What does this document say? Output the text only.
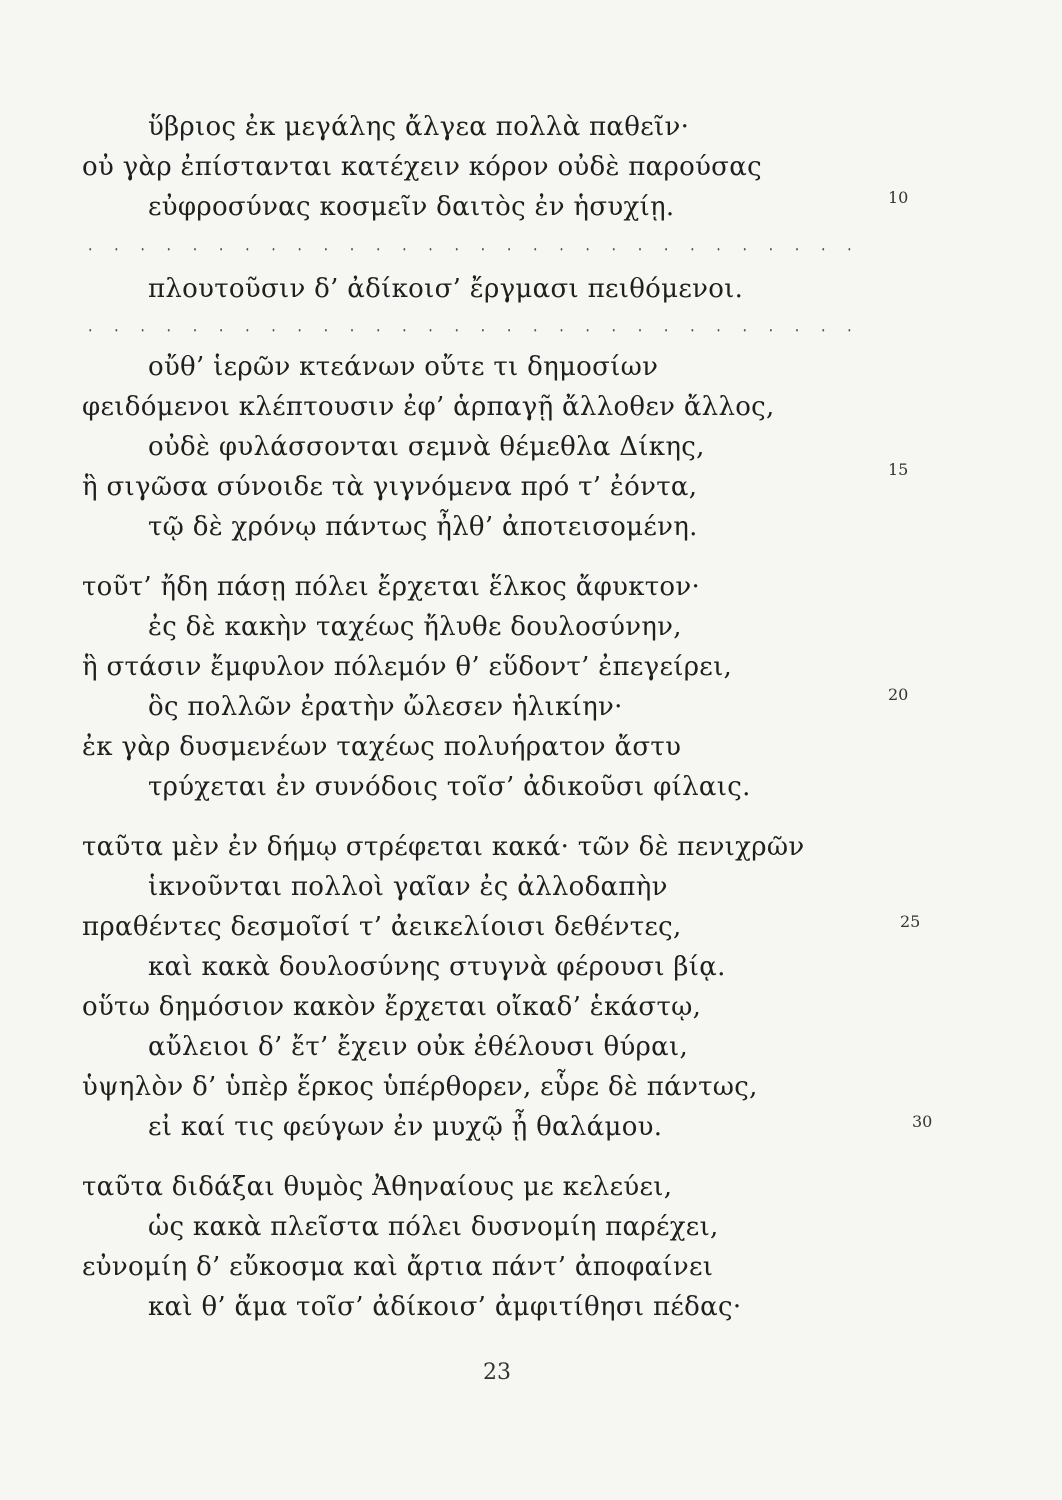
ὕβριος ἐκ μεγάλης ἄλγεα πολλὰ παθεῖν·
οὐ γὰρ ἐπίστανται κατέχειν κόρον οὐδὲ παρούσας
εὐφροσύνας κοσμεῖν δαιτὸς ἐν ἡσυχίῃ.
· · · · · · · · · · · · · · · · · · · · · · · · · · · · · ·
πλουτοῦσιν δ’ ἀδίκοισ’ ἔργμασι πειθόμενοι.
· · · · · · · · · · · · · · · · · · · · · · · · · · · · · ·
οὔθ’ ἱερῶν κτεάνων οὔτε τι δημοσίων
φειδόμενοι κλέπτουσιν ἐφ’ ἁρπαγῇ ἄλλοθεν ἄλλος,
οὐδὲ φυλάσσονται σεμνὰ θέμεθλα Δίκης,
ἣ σιγῶσα σύνοιδε τὰ γιγνόμενα πρό τ’ ἐόντα,
τῷ δὲ χρόνῳ πάντως ἦλθ’ ἀποτεισομένη.
τοῦτ’ ἤδη πάσῃ πόλει ἔρχεται ἕλκος ἄφυκτον·
ἐς δὲ κακὴν ταχέως ἤλυθε δουλοσύνην,
ἣ στάσιν ἔμφυλον πόλεμόν θ’ εὕδοντ’ ἐπεγείρει,
ὃς πολλῶν ἐρατὴν ὤλεσεν ἡλικίην·
ἐκ γὰρ δυσμενέων ταχέως πολυήρατον ἄστυ
τρύχεται ἐν συνόδοις τοῖσ’ ἀδικοῦσι φίλαις.
ταῦτα μὲν ἐν δήμῳ στρέφεται κακά· τῶν δὲ πενιχρῶν
ἱκνοῦνται πολλοὶ γαῖαν ἐς ἀλλοδαπὴν
πραθέντες δεσμοῖσί τ’ ἀεικελίοισι δεθέντες,
καὶ κακὰ δουλοσύνης στυγνὰ φέρουσι βίᾳ.
οὕτω δημόσιον κακὸν ἔρχεται οἴκαδ’ ἑκάστῳ,
αὔλειοι δ’ ἔτ’ ἔχειν οὐκ ἐθέλουσι θύραι,
ὑψηλὸν δ’ ὑπὲρ ἕρκος ὑπέρθορεν, εὗρε δὲ πάντως,
εἰ καί τις φεύγων ἐν μυχῷ ᾖ θαλάμου.
ταῦτα διδάξαι θυμὸς Ἀθηναίους με κελεύει,
ὡς κακὰ πλεῖστα πόλει δυσνομίη παρέχει,
εὐνομίη δ’ εὔκοσμα καὶ ἄρτια πάντ’ ἀποφαίνει
καὶ θ’ ἅμα τοῖσ’ ἀδίκοισ’ ἀμφιτίθησι πέδας·
10
15
20
25
30
23
